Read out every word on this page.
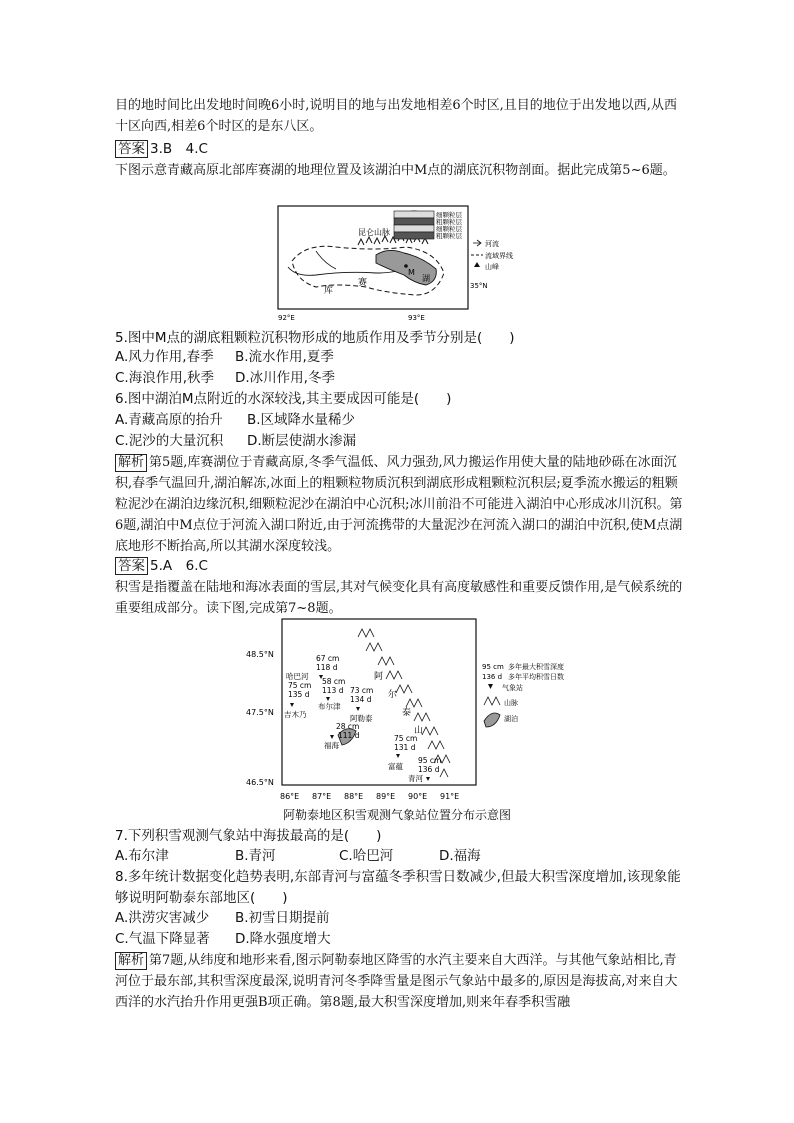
目的地时间比出发地时间晚6小时,说明目的地与出发地相差6个时区,且目的地位于出发地以西,从西十区向西,相差6个时区的是东八区。

答案 3.B　4.C

下图示意青藏高原北部库赛湖的地理位置及该湖泊中M点的湖底沉积物剖面。据此完成第5~6题。

昆仑山脉
细颗粒层
粗颗粒层
细颗粒层
粗颗粒层
库
赛	湖
M
河流
流域界线
山峰
35°N
92°E	93°E

5.图中M点的湖底粗颗粒沉积物形成的地质作用及季节分别是(　　)

A.风力作用,春季 B.流水作用,夏季
C.海浪作用,秋季 D.冰川作用,冬季

6.图中湖泊M点附近的水深较浅,其主要成因可能是(　　)

A.青藏高原的抬升 B.区域降水量稀少
C.泥沙的大量沉积 D.断层使湖水渗漏

解析 第5题,库赛湖位于青藏高原,冬季气温低、风力强劲,风力搬运作用使大量的陆地砂砾在冰面沉积,春季气温回升,湖泊解冻,冰面上的粗颗粒物质沉积到湖底形成粗颗粒沉积层;夏季流水搬运的粗颗粒泥沙在湖泊边缘沉积,细颗粒泥沙在湖泊中心沉积;冰川前沿不可能进入湖泊中心形成冰川沉积。第6题,湖泊中M点位于河流入湖口附近,由于河流携带的大量泥沙在河流入湖口的湖泊中沉积,使M点湖底地形不断抬高,所以其湖水深度较浅。

答案 5.A　6.C

积雪是指覆盖在陆地和海冰表面的雪层,其对气候变化具有高度敏感性和重要反馈作用,是气候系统的重要组成部分。读下图,完成第7~8题。

48.5°N
47.5°N
46.5°N
86°E 87°E 88°E 89°E 90°E 91°E
阿
尔
泰
山
67 cm
118 d
哈巴河
75 cm
135 d
58 cm
113 d
布尔津
吉木乃
73 cm
134 d
阿勒泰
28 cm
111 d
福海
75 cm
131 d
富蕴
95 cm
136 d
青河
95 cm 多年最大积雪深度
136 d 多年平均积雪日数
气象站
山脉
湖泊
阿勒泰地区积雪观测气象站位置分布示意图

7.下列积雪观测气象站中海拔最高的是(　　)

A.布尔津	B.青河	C.哈巴河	D.福海

8.多年统计数据变化趋势表明,东部青河与富蕴冬季积雪日数减少,但最大积雪深度增加,该现象能够说明阿勒泰东部地区(　　)

A.洪涝灾害减少 B.初雪日期提前
C.气温下降显著 D.降水强度增大

解析 第7题,从纬度和地形来看,图示阿勒泰地区降雪的水汽主要来自大西洋。与其他气象站相比,青河位于最东部,其积雪深度最深,说明青河冬季降雪量是图示气象站中最多的,原因是海拔高,对来自大西洋的水汽抬升作用更强B项正确。第8题,最大积雪深度增加,则来年春季积雪融
